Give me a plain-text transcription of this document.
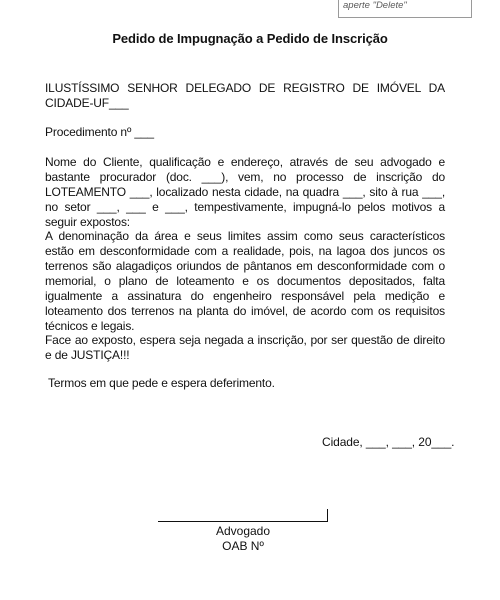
aperte "Delete"
Pedido de Impugnação a Pedido de Inscrição

ILUSTÍSSIMO SENHOR DELEGADO DE REGISTRO DE IMÓVEL DA CIDADE-UF___

Procedimento nº ___

Nome do Cliente, qualificação e endereço, através de seu advogado e bastante procurador (doc. ___), vem, no processo de inscrição do LOTEAMENTO ___, localizado nesta cidade, na quadra ___, sito à rua ___, no setor ___, ___ e ___, tempestivamente, impugná-lo pelos motivos a seguir expostos:

A denominação da área e seus limites assim como seus característicos estão em desconformidade com a realidade, pois, na lagoa dos juncos os terrenos são alagadiços oriundos de pântanos em desconformidade com o memorial, o plano de loteamento e os documentos depositados, falta igualmente a assinatura do engenheiro responsável pela medição e loteamento dos terrenos na planta do imóvel, de acordo com os requisitos técnicos e legais.

Face ao exposto, espera seja negada a inscrição, por ser questão de direito e de JUSTIÇA!!!

Termos em que pede e espera deferimento.

Cidade, ___, ___, 20___.
Advogado
OAB Nº
